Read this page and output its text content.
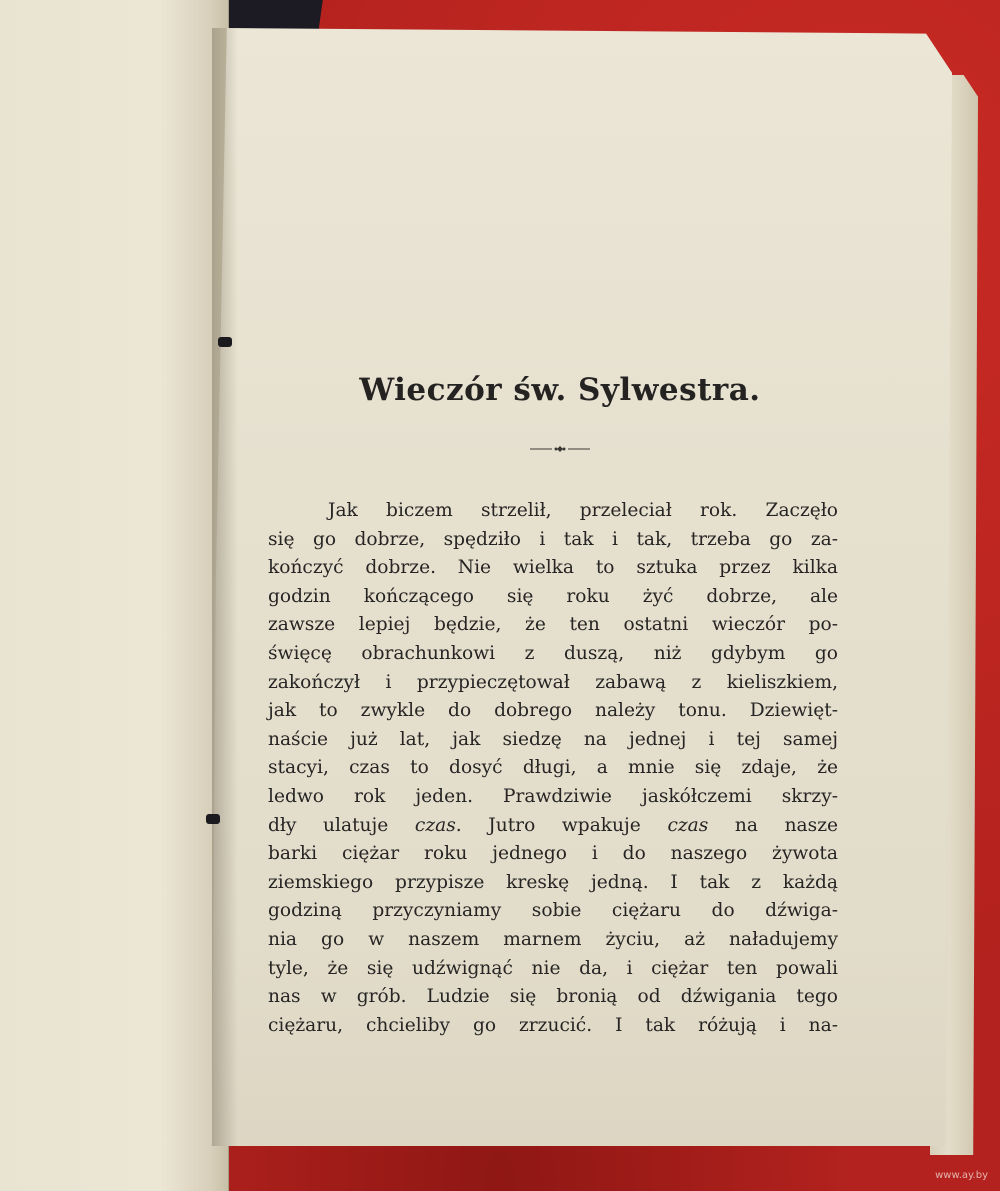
Wieczór św. Sylwestra.
Jak biczem strzelił, przeleciał rok. Zaczęło
się go dobrze, spędziło i tak i tak, trzeba go za-
kończyć dobrze. Nie wielka to sztuka przez kilka
godzin kończącego się roku żyć dobrze, ale
zawsze lepiej będzie, że ten ostatni wieczór po-
święcę obrachunkowi z duszą, niż gdybym go
zakończył i przypieczętował zabawą z kieliszkiem,
jak to zwykle do dobrego należy tonu. Dziewięt-
naście już lat, jak siedzę na jednej i tej samej
stacyi, czas to dosyć długi, a mnie się zdaje, że
ledwo rok jeden. Prawdziwie jaskółczemi skrzy-
dły ulatuje czas. Jutro wpakuje czas na nasze
barki ciężar roku jednego i do naszego żywota
ziemskiego przypisze kreskę jedną. I tak z każdą
godziną przyczyniamy sobie ciężaru do dźwiga-
nia go w naszem marnem życiu, aż naładujemy
tyle, że się udźwignąć nie da, i ciężar ten powali
nas w grób. Ludzie się bronią od dźwigania tego
ciężaru, chcieliby go zrzucić. I tak różują i na-
www.ay.by
